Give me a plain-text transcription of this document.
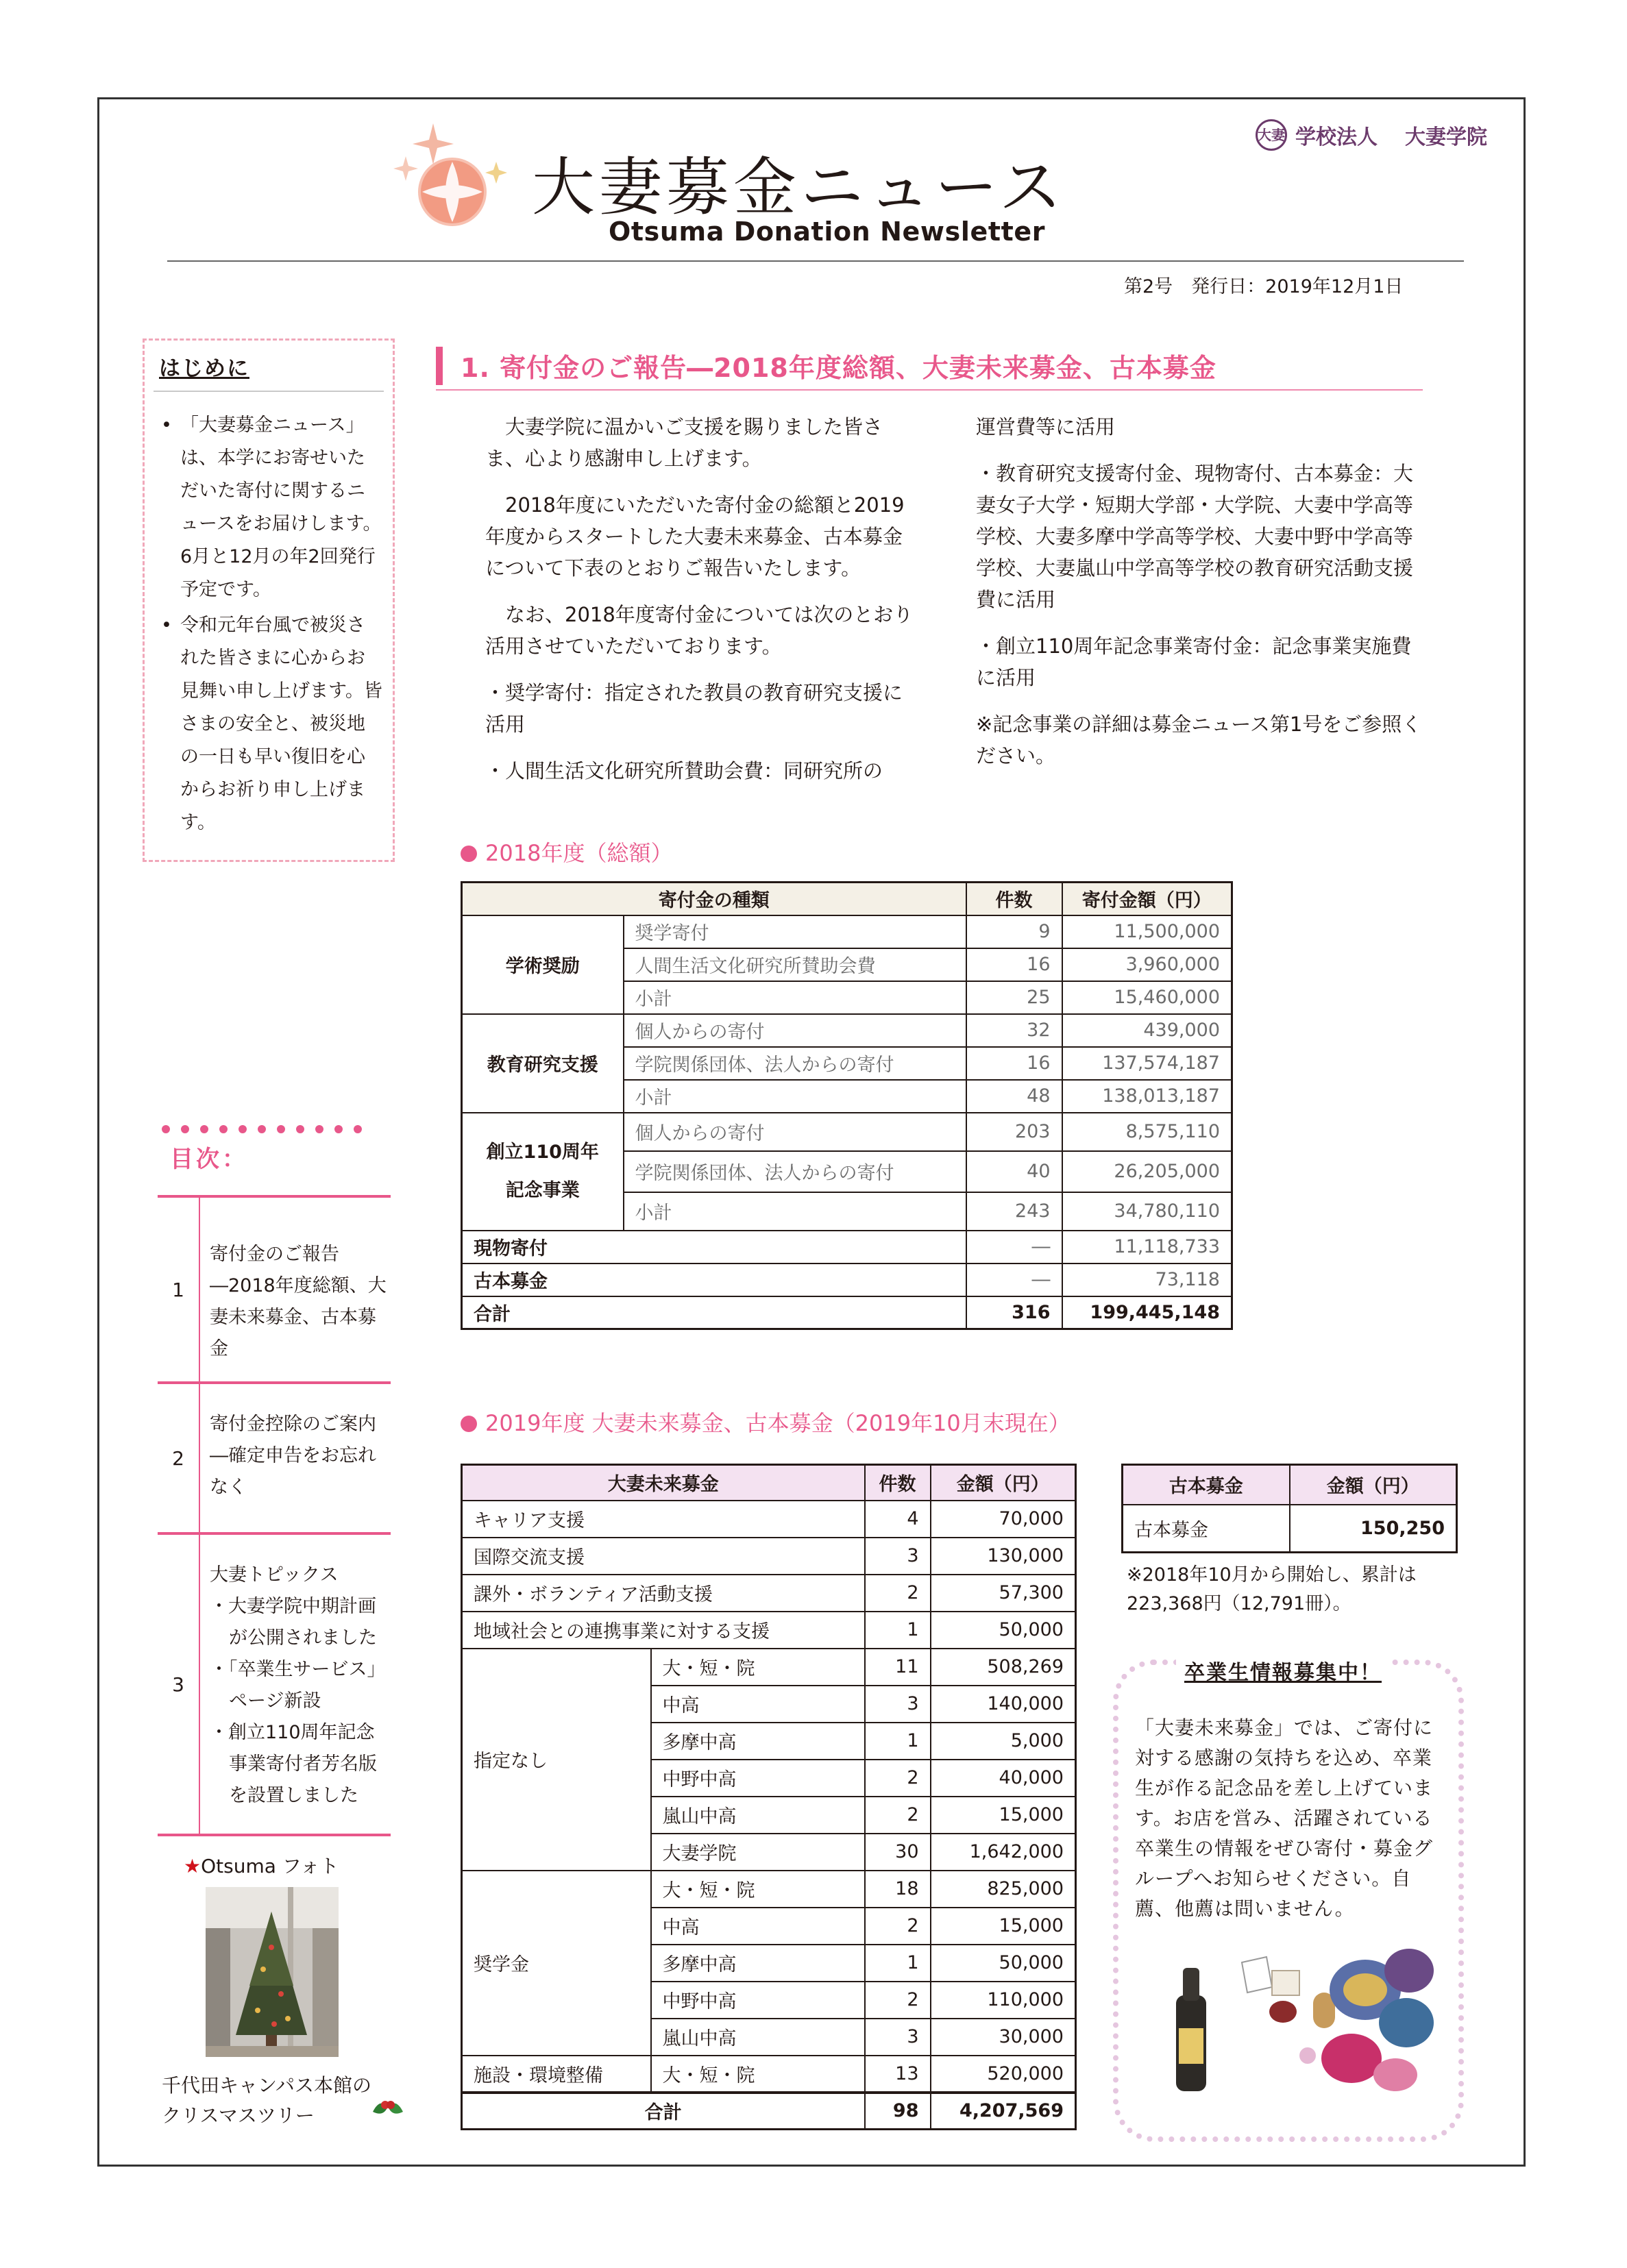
大妻募金ニュース
Otsuma Donation Newsletter
大妻 学校法人	大妻学院
第2号　発行日：2019年12月1日
• 「大妻募金ニュース」は、本学にお寄せいただいた寄付に関するニュースをお届けします。6月と12月の年2回発行予定です。
• 令和元年台風で被災された皆さまに心からお見舞い申し上げます。皆さまの安全と、被災地の一日も早い復旧を心からお祈り申し上げます。
はじめに
目次：
1
寄付金のご報告―2018年度総額、大妻未来募金、古本募金
2
寄付金控除のご案内―確定申告をお忘れなく
3
大妻トピックス
・大妻学院中期計画が公開されました
・「卒業生サービス」ページ新設
・創立110周年記念事業寄付者芳名版を設置しました
★Otsuma フォト
千代田キャンパス本館の
クリスマスツリー
1. 寄付金のご報告―2018年度総額、大妻未来募金、古本募金

　大妻学院に温かいご支援を賜りました皆さま、心より感謝申し上げます。

　2018年度にいただいた寄付金の総額と2019年度からスタートした大妻未来募金、古本募金について下表のとおりご報告いたします。

　なお、2018年度寄付金については次のとおり活用させていただいております。

・奨学寄付：指定された教員の教育研究支援に活用

・人間生活文化研究所賛助会費：同研究所の

運営費等に活用

・教育研究支援寄付金、現物寄付、古本募金：大妻女子大学・短期大学部・大学院、大妻中学高等学校、大妻多摩中学高等学校、大妻中野中学高等学校、大妻嵐山中学高等学校の教育研究活動支援費に活用

・創立110周年記念事業寄付金：記念事業実施費に活用

※記念事業の詳細は募金ニュース第1号をご参照ください。

2018年度（総額）
寄付金の種類		件数	寄付金額（円）
学術奨励	奨学寄付	9	11,500,000
	人間生活文化研究所賛助会費	16	3,960,000
	小計	25	15,460,000
教育研究支援	個人からの寄付	32	439,000
	学院関係団体、法人からの寄付	16	137,574,187
	小計	48	138,013,187

創立110周年
記念事業	個人からの寄付	203	8,575,110
	学院関係団体、法人からの寄付	40	26,205,000
	小計	243	34,780,110
現物寄付		―	11,118,733
古本募金		―	73,118
合計		316	199,445,148
2019年度 大妻未来募金、古本募金（2019年10月末現在）
大妻未来募金		件数	金額（円）
キャリア支援		4	70,000
国際交流支援		3	130,000
課外・ボランティア活動支援		2	57,300
地域社会との連携事業に対する支援		1	50,000
指定なし	大・短・院	11	508,269
	中高	3	140,000
	多摩中高	1	5,000
	中野中高	2	40,000
	嵐山中高	2	15,000
	大妻学院	30	1,642,000
奨学金	大・短・院	18	825,000
	中高	2	15,000
	多摩中高	1	50,000
	中野中高	2	110,000
	嵐山中高	3	30,000
施設・環境整備	大・短・院	13	520,000
合計		98	4,207,569
古本募金	金額（円）
古本募金	150,250
※2018年10月から開始し、累計は223,368円（12,791冊）。
卒業生情報募集中！
「大妻未来募金」では、ご寄付に対する感謝の気持ちを込め、卒業生が作る記念品を差し上げています。お店を営み、活躍されている卒業生の情報をぜひ寄付・募金グループへお知らせください。自薦、他薦は問いません。
